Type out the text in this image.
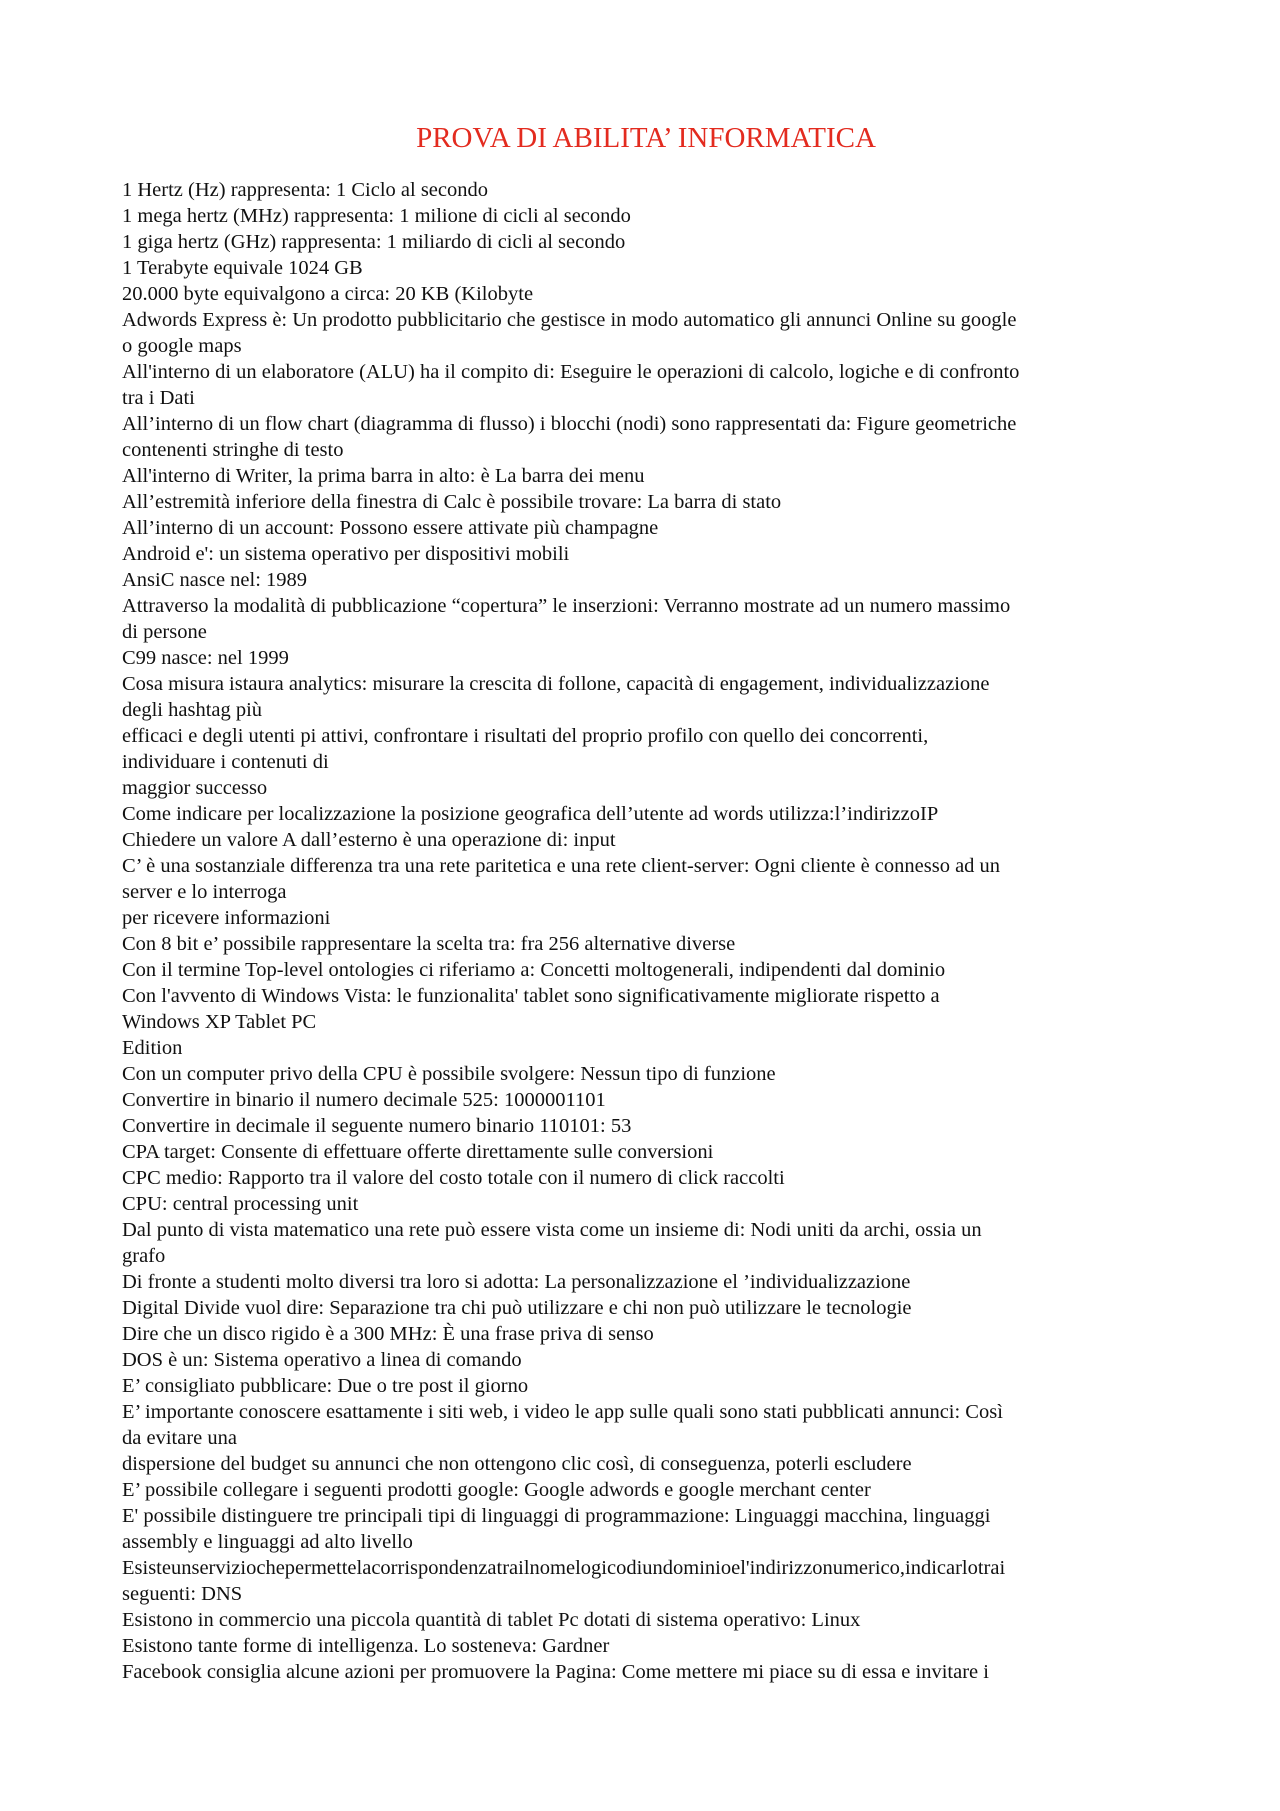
PROVA DI ABILITA’ INFORMATICA
1 Hertz (Hz) rappresenta: 1 Ciclo al secondo
1 mega hertz (MHz) rappresenta: 1 milione di cicli al secondo
1 giga hertz (GHz) rappresenta: 1 miliardo di cicli al secondo
1 Terabyte equivale 1024 GB
20.000 byte equivalgono a circa: 20 KB (Kilobyte
Adwords Express è: Un prodotto pubblicitario che gestisce in modo automatico gli annunci Online su google
o google maps
All'interno di un elaboratore (ALU) ha il compito di: Eseguire le operazioni di calcolo, logiche e di confronto
tra i Dati
All’interno di un flow chart (diagramma di flusso) i blocchi (nodi) sono rappresentati da: Figure geometriche
contenenti stringhe di testo
All'interno di Writer, la prima barra in alto: è La barra dei menu
All’estremità inferiore della finestra di Calc è possibile trovare: La barra di stato
All’interno di un account: Possono essere attivate più champagne
Android e': un sistema operativo per dispositivi mobili
AnsiC nasce nel: 1989
Attraverso la modalità di pubblicazione “copertura” le inserzioni: Verranno mostrate ad un numero massimo
di persone
C99 nasce: nel 1999
Cosa misura istaura analytics: misurare la crescita di follone, capacità di engagement, individualizzazione
degli hashtag più
efficaci e degli utenti pi attivi, confrontare i risultati del proprio profilo con quello dei concorrenti,
individuare i contenuti di
maggior successo
Come indicare per localizzazione la posizione geografica dell’utente ad words utilizza:l’indirizzoIP
Chiedere un valore A dall’esterno è una operazione di: input
C’ è una sostanziale differenza tra una rete paritetica e una rete client-server: Ogni cliente è connesso ad un
server e lo interroga
per ricevere informazioni
Con 8 bit e’ possibile rappresentare la scelta tra: fra 256 alternative diverse
Con il termine Top-level ontologies ci riferiamo a: Concetti moltogenerali, indipendenti dal dominio
Con l'avvento di Windows Vista: le funzionalita' tablet sono significativamente migliorate rispetto a
Windows XP Tablet PC
Edition
Con un computer privo della CPU è possibile svolgere: Nessun tipo di funzione
Convertire in binario il numero decimale 525: 1000001101
Convertire in decimale il seguente numero binario 110101: 53
CPA target: Consente di effettuare offerte direttamente sulle conversioni
CPC medio: Rapporto tra il valore del costo totale con il numero di click raccolti
CPU: central processing unit
Dal punto di vista matematico una rete può essere vista come un insieme di: Nodi uniti da archi, ossia un
grafo
Di fronte a studenti molto diversi tra loro si adotta: La personalizzazione el ’individualizzazione
Digital Divide vuol dire: Separazione tra chi può utilizzare e chi non può utilizzare le tecnologie
Dire che un disco rigido è a 300 MHz: È una frase priva di senso
DOS è un: Sistema operativo a linea di comando
E’ consigliato pubblicare: Due o tre post il giorno
E’ importante conoscere esattamente i siti web, i video le app sulle quali sono stati pubblicati annunci: Così
da evitare una
dispersione del budget su annunci che non ottengono clic così, di conseguenza, poterli escludere
E’ possibile collegare i seguenti prodotti google: Google adwords e google merchant center
E' possibile distinguere tre principali tipi di linguaggi di programmazione: Linguaggi macchina, linguaggi
assembly e linguaggi ad alto livello
Esisteunserviziochepermettelacorrispondenzatrailnomelogicodiundominioel'indirizzonumerico,indicarlotrai
seguenti: DNS
Esistono in commercio una piccola quantità di tablet Pc dotati di sistema operativo: Linux
Esistono tante forme di intelligenza. Lo sosteneva: Gardner
Facebook consiglia alcune azioni per promuovere la Pagina: Come mettere mi piace su di essa e invitare i
